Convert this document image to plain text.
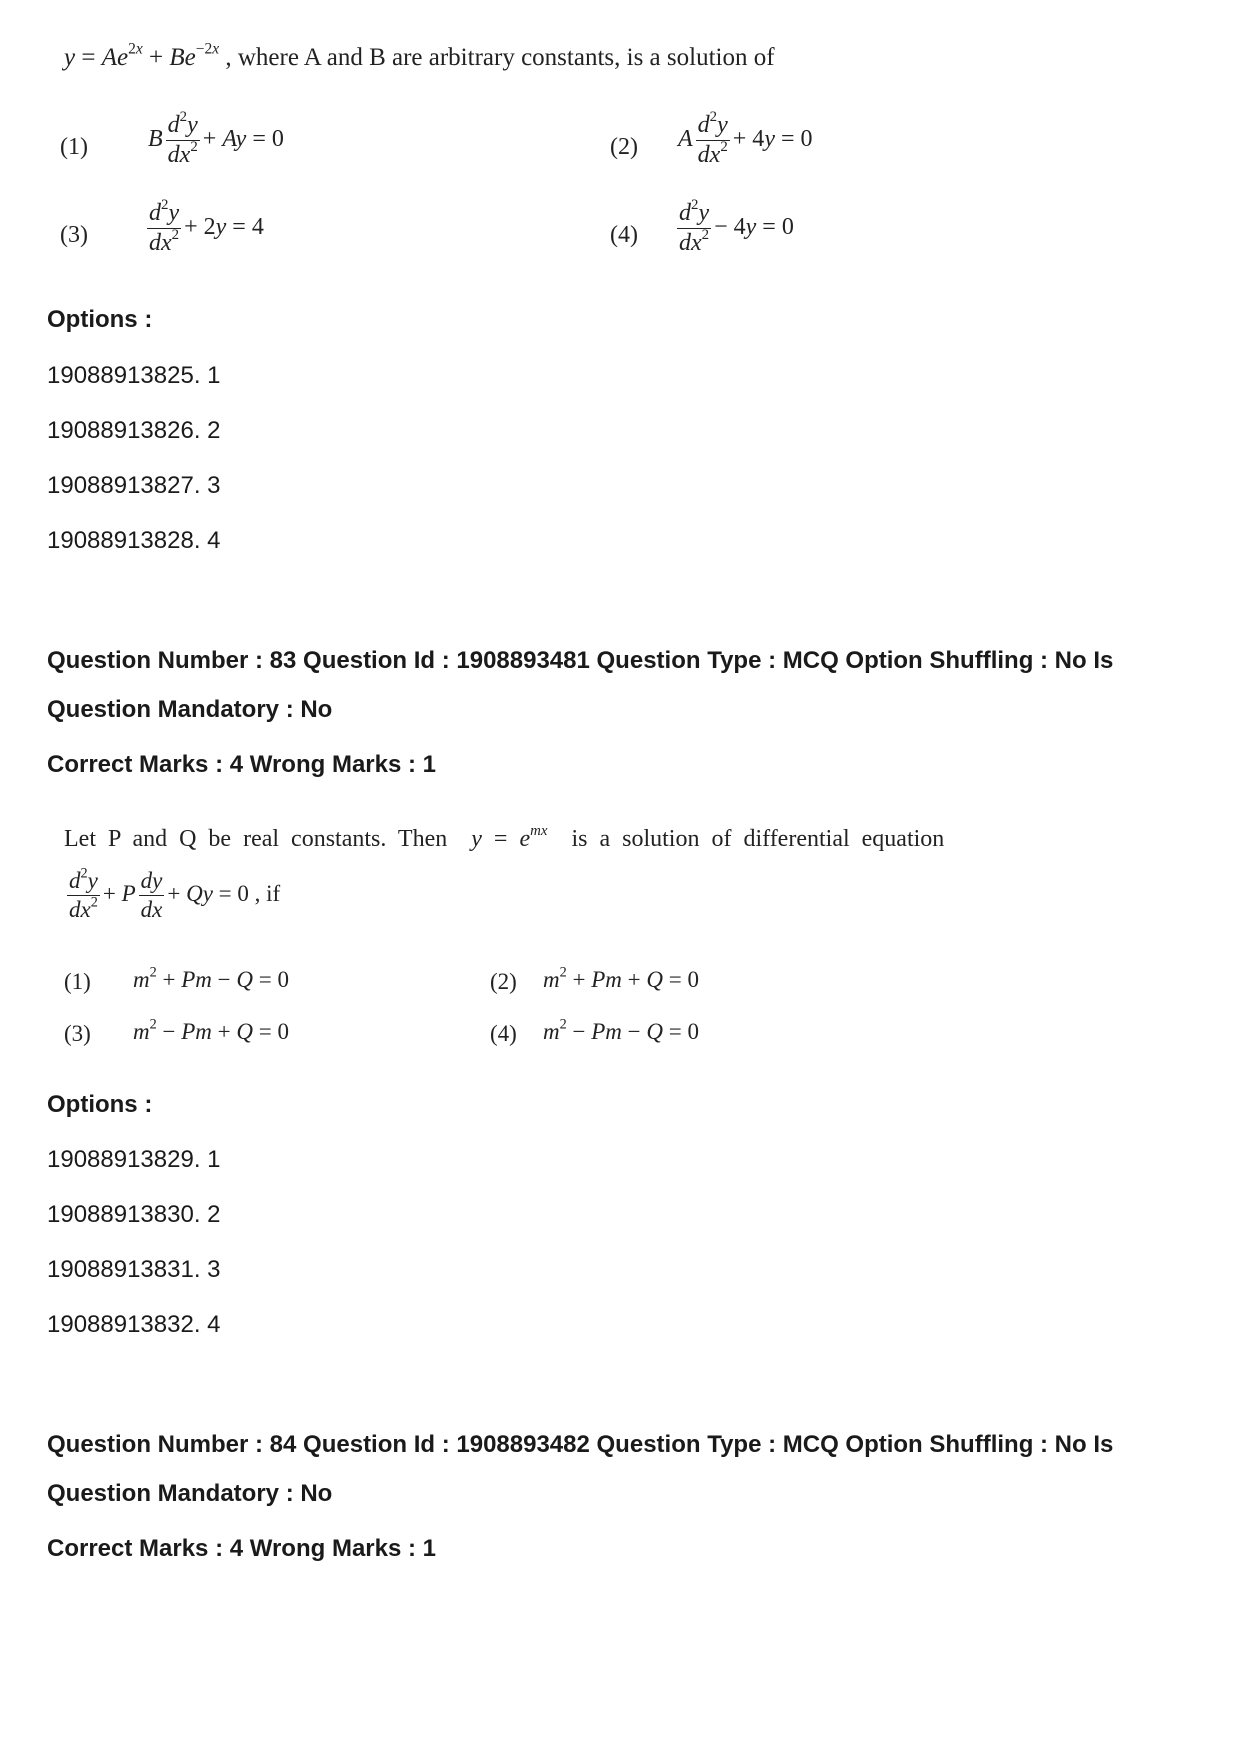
$y = Ae^{2x} + Be^{-2x}$ , where A and B are arbitrary constants, is a solution of
(1)	B $\frac{d^2y}{dx^2} + Ay = 0$	(2) A $\frac{d^2y}{dx^2} + 4y = 0$
$(3) \frac{d^2y}{dx^2} + 2y = 4$	$(4) \frac{d^2y}{dx^2} - 4y = 0$
Options :
19088913825. 1
19088913826. 2
19088913827. 3
19088913828. 4
Question Number : 83 Question Id : 1908893481 Question Type : MCQ Option Shuffling : No Is
Question Mandatory : No
Correct Marks : 4 Wrong Marks : 1
Let P and Q be real constants. Then $y = e^{mx}$ is a solution of differential equation
$\frac{d^2y}{dx^2} + P \frac{dy}{dx} + Qy = 0$ , if
(1) $m^2 + Pm - Q = 0$	(2) $m^2 + Pm + Q = 0$
(3) $m^2 - Pm + Q = 0$	(4) $m^2 - Pm - Q = 0$
Options :
19088913829. 1
19088913830. 2
19088913831. 3
19088913832. 4
Question Number : 84 Question Id : 1908893482 Question Type : MCQ Option Shuffling : No Is
Question Mandatory : No
Correct Marks : 4 Wrong Marks : 1
